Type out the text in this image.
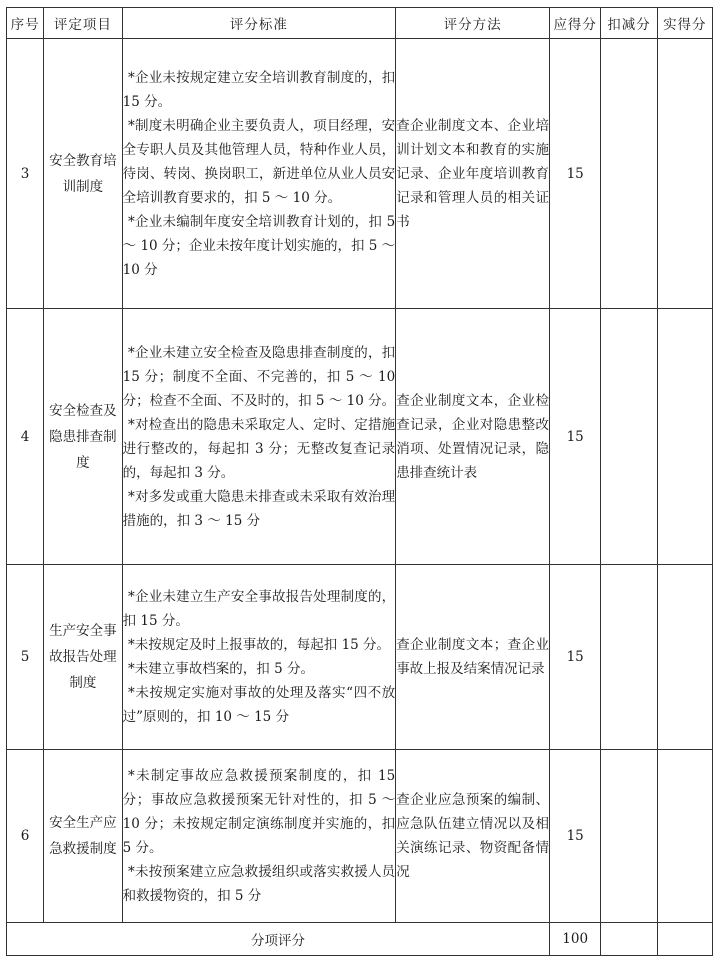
序号	评定项目	评分标准	评分方法	应得分	扣减分	实得分
3	安全教育培训制度	* 企业未按规定建立安全培训教育制度的，扣 15 分。
* 制度未明确企业主要负责人，项目经理，安全专职人员及其他管理人员，特种作业人员，待岗、转岗、换岗职工，新进单位从业人员安全培训教育要求的，扣 5 ～ 10 分。
* 企业未编制年度安全培训教育计划的，扣 5 ～ 10 分；企业未按年度计划实施的，扣 5 ～ 10 分	查企业制度文本、企业培训计划文本和教育的实施记录、企业年度培训教育记录和管理人员的相关证书	15		
4	安全检查及隐患排查制度	* 企业未建立安全检查及隐患排查制度的，扣 15 分；制度不全面、不完善的，扣 5 ～ 10 分；检查不全面、不及时的，扣 5 ～ 10 分。
* 对检查出的隐患未采取定人、定时、定措施进行整改的，每起扣 3 分；无整改复查记录的，每起扣 3 分。
* 对多发或重大隐患未排查或未采取有效治理措施的，扣 3 ～ 15 分	查企业制度文本，企业检查记录，企业对隐患整改消项、处置情况记录，隐患排查统计表	15		
5	生产安全事故报告处理制度	* 企业未建立生产安全事故报告处理制度的，扣 15 分。
* 未按规定及时上报事故的，每起扣 15 分。
* 未建立事故档案的，扣 5 分。
* 未按规定实施对事故的处理及落实“四不放过”原则的，扣 10 ～ 15 分	查企业制度文本；查企业事故上报及结案情况记录	15		
6	安全生产应急救援制度	* 未制定事故应急救援预案制度的，扣 15 分；事故应急救援预案无针对性的，扣 5 ～ 10 分；未按规定制定演练制度并实施的，扣 5 分。
* 未按预案建立应急救援组织或落实救援人员和救援物资的，扣 5 分	查企业应急预案的编制、应急队伍建立情况以及相关演练记录、物资配备情况	15		
分项评分				100		
